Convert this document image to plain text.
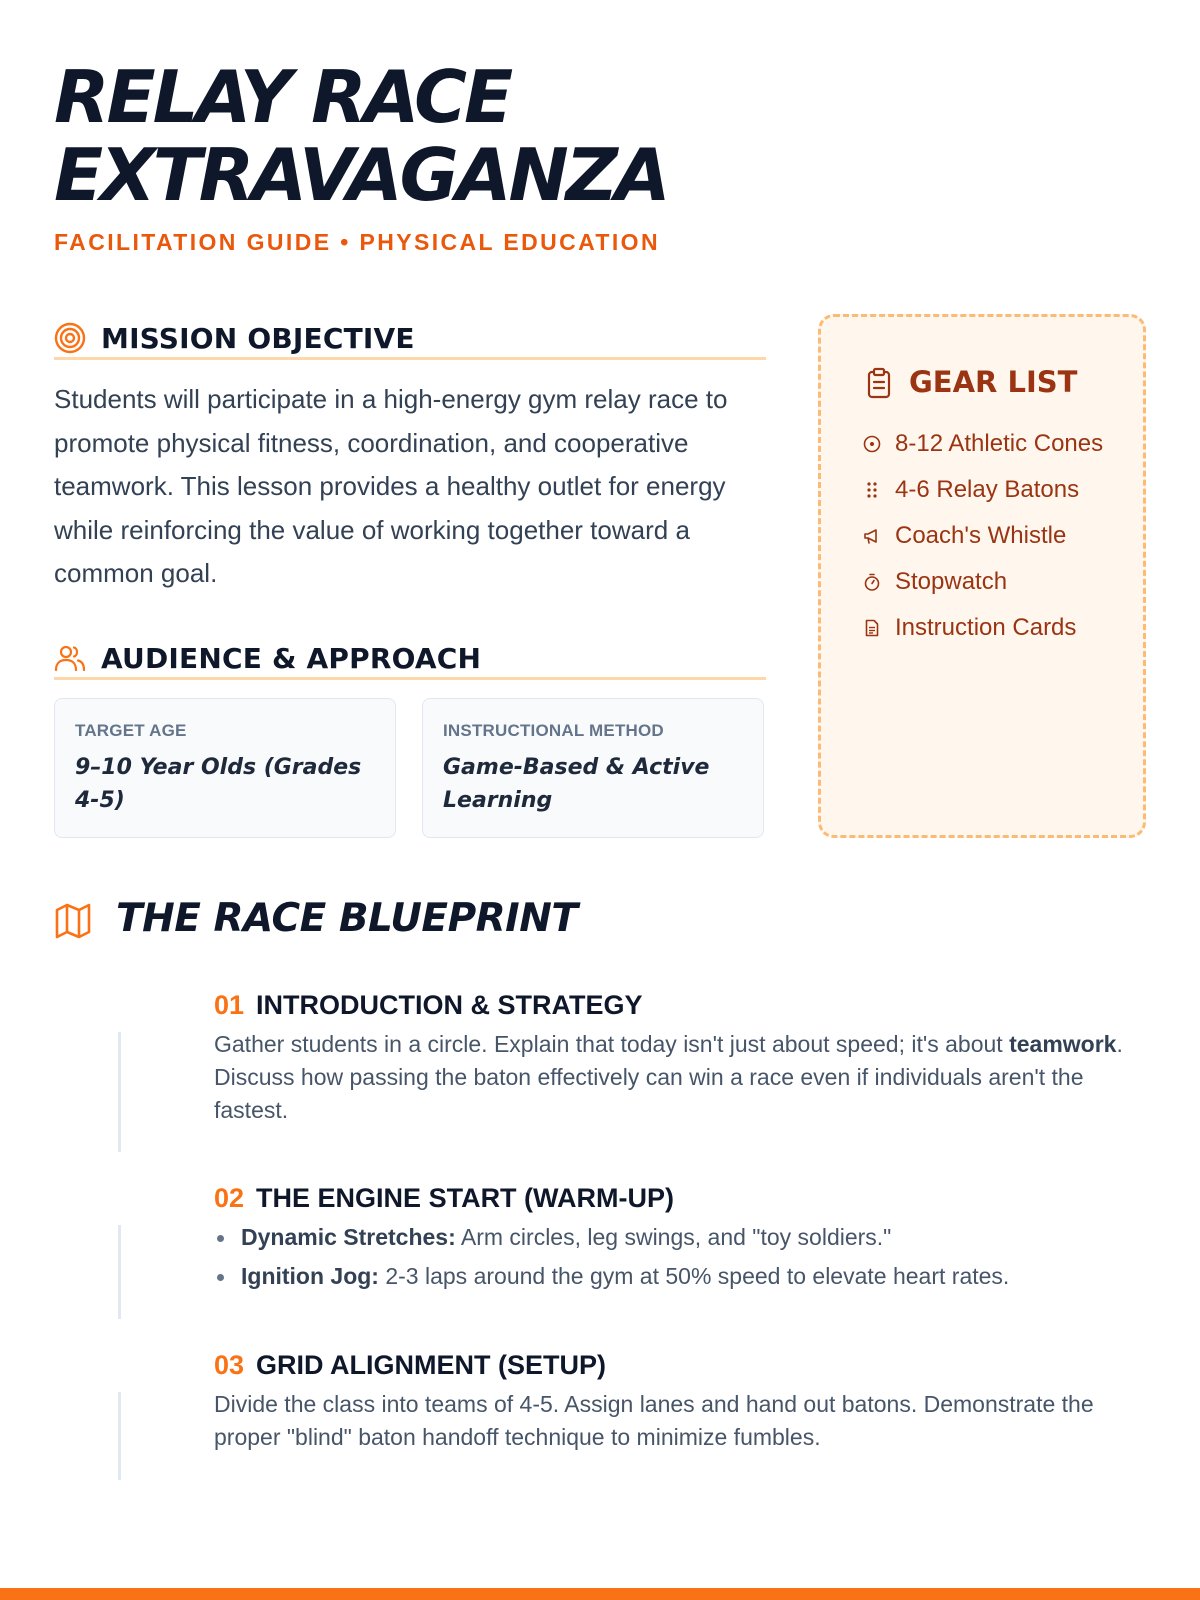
RELAY RACE
EXTRAVAGANZA
FACILITATION GUIDE • PHYSICAL EDUCATION
MISSION OBJECTIVE

Students will participate in a high-energy gym relay race to promote physical fitness, coordination, and cooperative teamwork. This lesson provides a healthy outlet for energy while reinforcing the value of working together toward a common goal.

AUDIENCE & APPROACH
TARGET AGE
9–10 Year Olds (Grades 4-5)
INSTRUCTIONAL METHOD
Game-Based & Active Learning
GEAR LIST
8-12 Athletic Cones
4-6 Relay Batons
Coach's Whistle
Stopwatch
Instruction Cards
THE RACE BLUEPRINT
01 INTRODUCTION & STRATEGY

Gather students in a circle. Explain that today isn't just about speed; it's about teamwork. Discuss how passing the baton effectively can win a race even if individuals aren't the fastest.

02 THE ENGINE START (WARM-UP)
Dynamic Stretches: Arm circles, leg swings, and "toy soldiers."
Ignition Jog: 2-3 laps around the gym at 50% speed to elevate heart rates.
03 GRID ALIGNMENT (SETUP)

Divide the class into teams of 4-5. Assign lanes and hand out batons. Demonstrate the proper "blind" baton handoff technique to minimize fumbles.
